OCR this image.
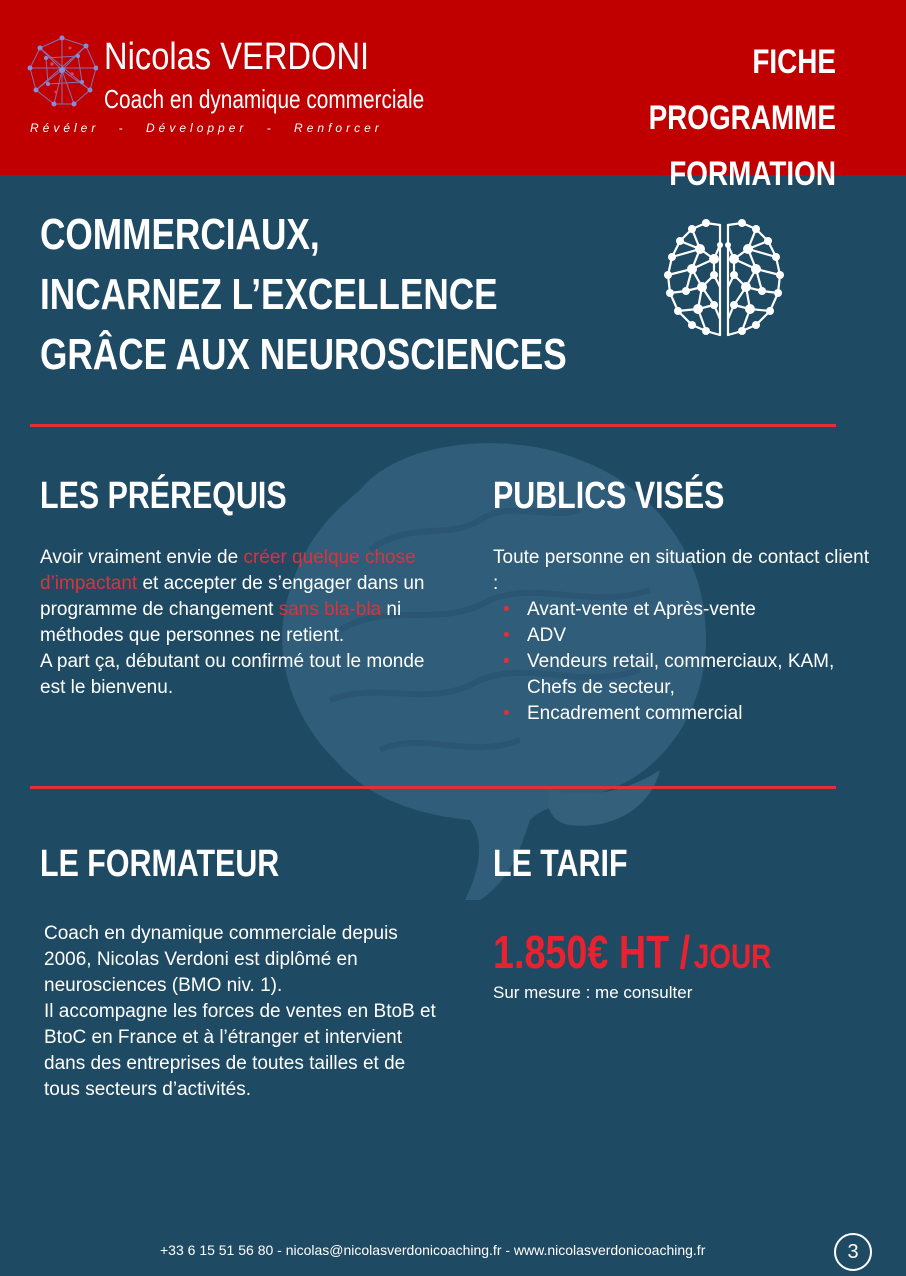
Nicolas VERDONI
Coach en dynamique commerciale
Révéler - Développer - Renforcer
FICHE PROGRAMME
FORMATION
COMMERCIAUX,
INCARNEZ L’EXCELLENCE
GRÂCE AUX NEUROSCIENCES
LES PRÉREQUIS
Avoir vraiment envie de créer quelque chose d’impactant et accepter de s’engager dans un programme de changement sans bla-bla ni méthodes que personnes ne retient.
A part ça, débutant ou confirmé tout le monde est le bienvenu.
PUBLICS VISÉS
Toute personne en situation de contact client :
• Avant-vente et Après-vente
• ADV
• Vendeurs retail, commerciaux, KAM, Chefs de secteur,
• Encadrement commercial
LE FORMATEUR
Coach en dynamique commerciale depuis 2006, Nicolas Verdoni est diplômé en neurosciences (BMO niv. 1).
Il accompagne les forces de ventes en BtoB et BtoC en France et à l’étranger et intervient dans des entreprises de toutes tailles et de tous secteurs d’activités.
LE TARIF
1.850€ HT / JOUR
Sur mesure : me consulter
+33 6 15 51 56 80 - nicolas@nicolasverdonicoaching.fr - www.nicolasverdonicoaching.fr	3
